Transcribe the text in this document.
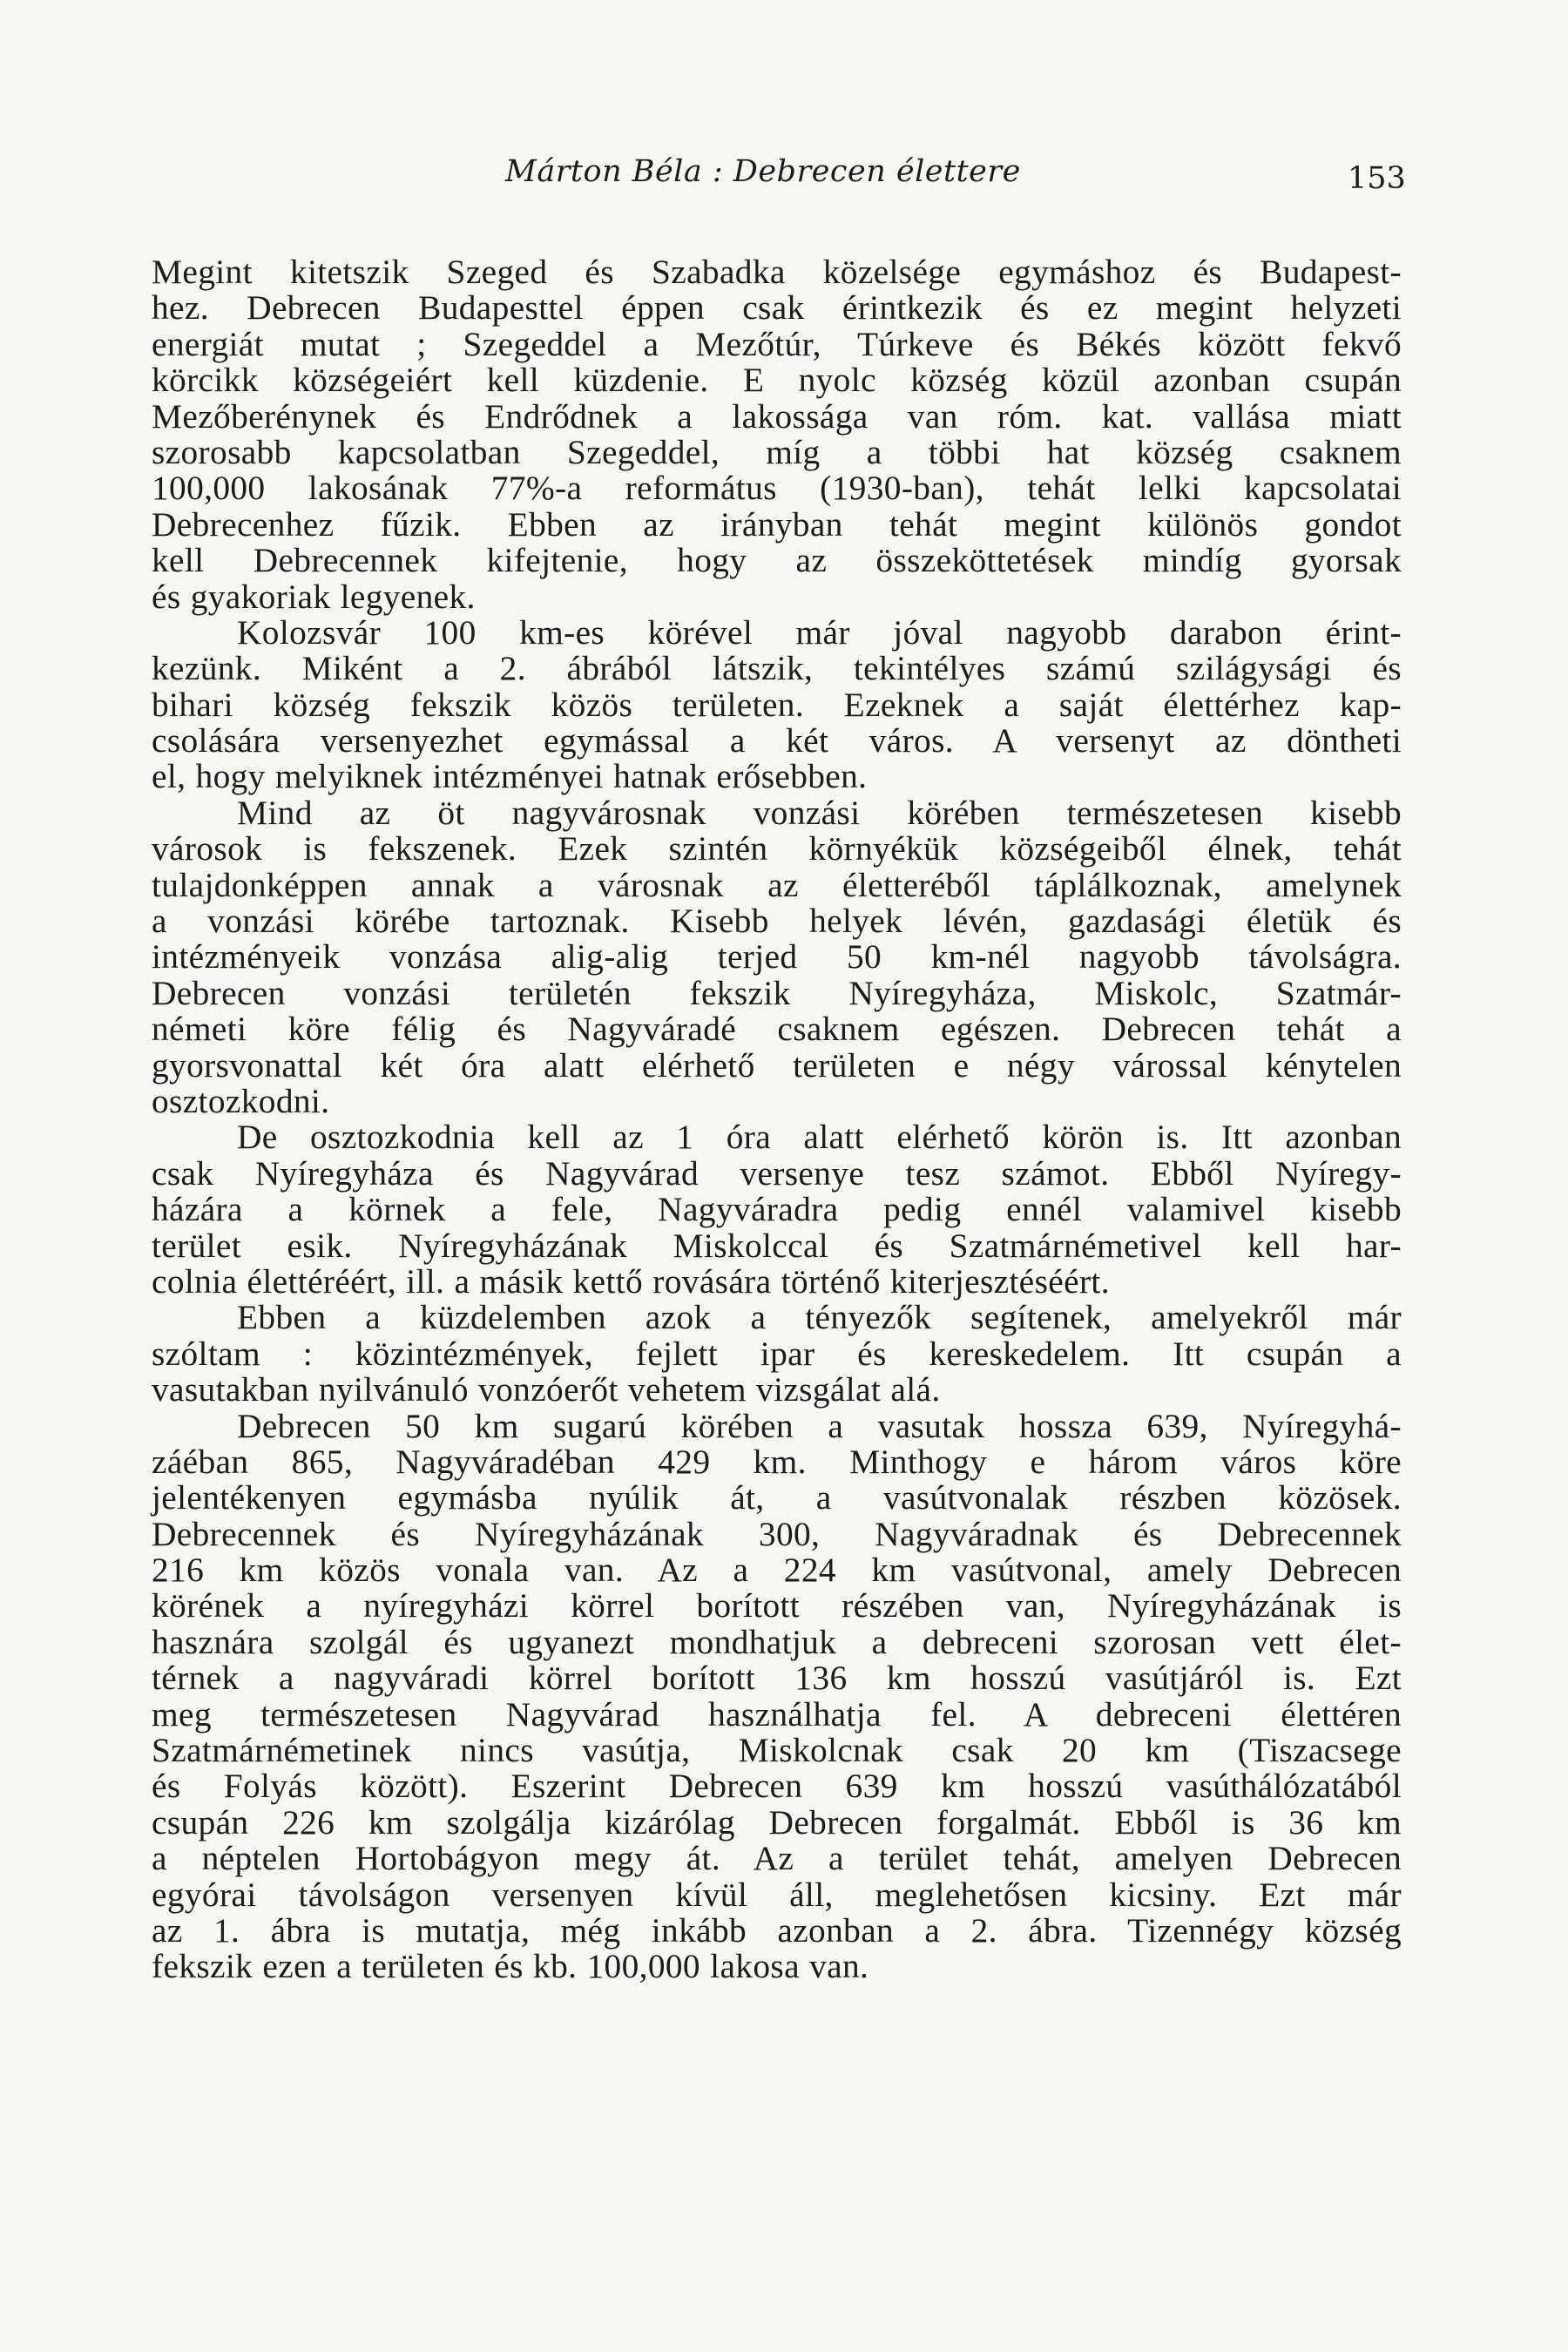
Márton Béla : Debrecen élettere	153
Megint kitetszik Szeged és Szabadka közelsége egymáshoz és Budapest-
hez. Debrecen Budapesttel éppen csak érintkezik és ez megint helyzeti
energiát mutat ; Szegeddel a Mezőtúr, Túrkeve és Békés között fekvő
körcikk községeiért kell küzdenie. E nyolc község közül azonban csupán
Mezőberénynek és Endrődnek a lakossága van róm. kat. vallása miatt
szorosabb kapcsolatban Szegeddel, míg a többi hat község csaknem
100,000 lakosának 77%-a református (1930-ban), tehát lelki kapcsolatai
Debrecenhez fűzik. Ebben az irányban tehát megint különös gondot
kell Debrecennek kifejtenie, hogy az összeköttetések mindíg gyorsak
és gyakoriak legyenek.
Kolozsvár 100 km-es körével már jóval nagyobb darabon érint-
kezünk. Miként a 2. ábrából látszik, tekintélyes számú szilágysági és
bihari község fekszik közös területen. Ezeknek a saját élettérhez kap-
csolására versenyezhet egymással a két város. A versenyt az döntheti
el, hogy melyiknek intézményei hatnak erősebben.
Mind az öt nagyvárosnak vonzási körében természetesen kisebb
városok is fekszenek. Ezek szintén környékük községeiből élnek, tehát
tulajdonképpen annak a városnak az életteréből táplálkoznak, amelynek
a vonzási körébe tartoznak. Kisebb helyek lévén, gazdasági életük és
intézményeik vonzása alig-alig terjed 50 km-nél nagyobb távolságra.
Debrecen vonzási területén fekszik Nyíregyháza, Miskolc, Szatmár-
németi köre félig és Nagyváradé csaknem egészen. Debrecen tehát a
gyorsvonattal két óra alatt elérhető területen e négy várossal kénytelen
osztozkodni.
De osztozkodnia kell az 1 óra alatt elérhető körön is. Itt azonban
csak Nyíregyháza és Nagyvárad versenye tesz számot. Ebből Nyíregy-
házára a körnek a fele, Nagyváradra pedig ennél valamivel kisebb
terület esik. Nyíregyházának Miskolccal és Szatmárnémetivel kell har-
colnia élettéréért, ill. a másik kettő rovására történő kiterjesztéséért.
Ebben a küzdelemben azok a tényezők segítenek, amelyekről már
szóltam : közintézmények, fejlett ipar és kereskedelem. Itt csupán a
vasutakban nyilvánuló vonzóerőt vehetem vizsgálat alá.
Debrecen 50 km sugarú körében a vasutak hossza 639, Nyíregyhá-
záéban 865, Nagyváradéban 429 km. Minthogy e három város köre
jelentékenyen egymásba nyúlik át, a vasútvonalak részben közösek.
Debrecennek és Nyíregyházának 300, Nagyváradnak és Debrecennek
216 km közös vonala van. Az a 224 km vasútvonal, amely Debrecen
körének a nyíregyházi körrel borított részében van, Nyíregyházának is
hasznára szolgál és ugyanezt mondhatjuk a debreceni szorosan vett élet-
térnek a nagyváradi körrel borított 136 km hosszú vasútjáról is. Ezt
meg természetesen Nagyvárad használhatja fel. A debreceni élettéren
Szatmárnémetinek nincs vasútja, Miskolcnak csak 20 km (Tiszacsege
és Folyás között). Eszerint Debrecen 639 km hosszú vasúthálózatából
csupán 226 km szolgálja kizárólag Debrecen forgalmát. Ebből is 36 km
a néptelen Hortobágyon megy át. Az a terület tehát, amelyen Debrecen
egyórai távolságon versenyen kívül áll, meglehetősen kicsiny. Ezt már
az 1. ábra is mutatja, még inkább azonban a 2. ábra. Tizennégy község
fekszik ezen a területen és kb. 100,000 lakosa van.
